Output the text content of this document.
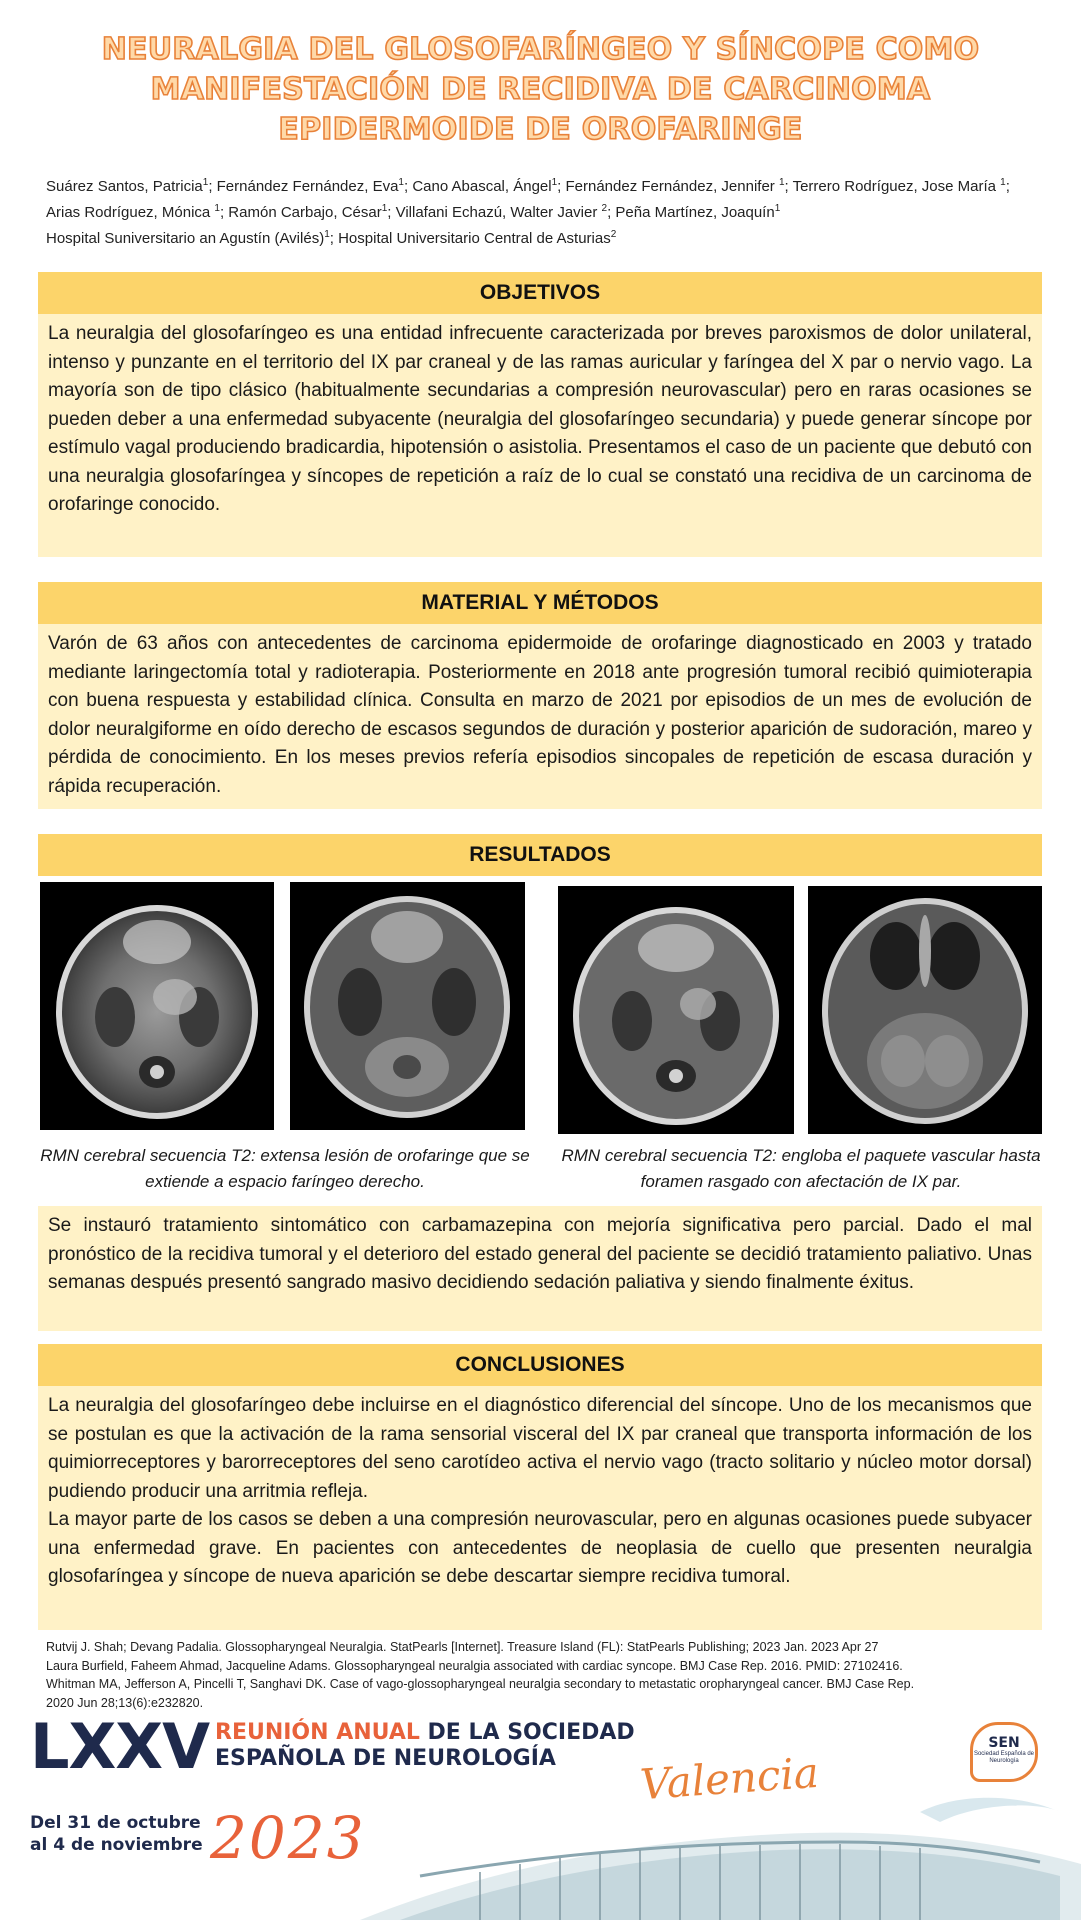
NEURALGIA DEL GLOSOFARÍNGEO Y SÍNCOPE COMO MANIFESTACIÓN DE RECIDIVA DE CARCINOMA EPIDERMOIDE DE OROFARINGE
Suárez Santos, Patricia$^1$; Fernández Fernández, Eva$^1$; Cano Abascal, Ángel$^1$; Fernández Fernández, Jennifer $^1$; Terrero Rodríguez, Jose María $^1$; Arias Rodríguez, Mónica $^1$; Ramón Carbajo, César$^1$; Villafani Echazú, Walter Javier $^2$; Peña Martínez, Joaquín$^1$
Hospital Suniversitario an Agustín (Avilés)$^1$; Hospital Universitario Central de Asturias$^2$
OBJETIVOS

La neuralgia del glosofaríngeo es una entidad infrecuente caracterizada por breves paroxismos de dolor unilateral, intenso y punzante en el territorio del IX par craneal y de las ramas auricular y faríngea del X par o nervio vago. La mayoría son de tipo clásico (habitualmente secundarias a compresión neurovascular) pero en raras ocasiones se pueden deber a una enfermedad subyacente (neuralgia del glosofaríngeo secundaria) y puede generar síncope por estímulo vagal produciendo bradicardia, hipotensión o asistolia. Presentamos el caso de un paciente que debutó con una neuralgia glosofaríngea y síncopes de repetición a raíz de lo cual se constató una recidiva de un carcinoma de orofaringe conocido.

MATERIAL Y MÉTODOS

Varón de 63 años con antecedentes de carcinoma epidermoide de orofaringe diagnosticado en 2003 y tratado mediante laringectomía total y radioterapia. Posteriormente en 2018 ante progresión tumoral recibió quimioterapia con buena respuesta y estabilidad clínica. Consulta en marzo de 2021 por episodios de un mes de evolución de dolor neuralgiforme en oído derecho de escasos segundos de duración y posterior aparición de sudoración, mareo y pérdida de conocimiento. En los meses previos refería episodios sincopales de repetición de escasa duración y rápida recuperación.

RESULTADOS
RMN cerebral secuencia T2: extensa lesión de orofaringe que se extiende a espacio faríngeo derecho.
RMN cerebral secuencia T2: engloba el paquete vascular hasta foramen rasgado con afectación de IX par.

Se instauró tratamiento sintomático con carbamazepina con mejoría significativa pero parcial. Dado el mal pronóstico de la recidiva tumoral y el deterioro del estado general del paciente se decidió tratamiento paliativo. Unas semanas después presentó sangrado masivo decidiendo sedación paliativa y siendo finalmente éxitus.

CONCLUSIONES

La neuralgia del glosofaríngeo debe incluirse en el diagnóstico diferencial del síncope. Uno de los mecanismos que se postulan es que la activación de la rama sensorial visceral del IX par craneal que transporta información de los quimiorreceptores y barorreceptores del seno carotídeo activa el nervio vago (tracto solitario y núcleo motor dorsal) pudiendo producir una arritmia refleja.

La mayor parte de los casos se deben a una compresión neurovascular, pero en algunas ocasiones puede subyacer una enfermedad grave. En pacientes con antecedentes de neoplasia de cuello que presenten neuralgia glosofaríngea y síncope de nueva aparición se debe descartar siempre recidiva tumoral.

Rutvij J. Shah; Devang Padalia. Glossopharyngeal Neuralgia. StatPearls [Internet]. Treasure Island (FL): StatPearls Publishing; 2023 Jan. 2023 Apr 27
Laura Burfield, Faheem Ahmad, Jacqueline Adams. Glossopharyngeal neuralgia associated with cardiac syncope. BMJ Case Rep. 2016. PMID: 27102416.
Whitman MA, Jefferson A, Pincelli T, Sanghavi DK. Case of vago-glossopharyngeal neuralgia secondary to metastatic oropharyngeal cancer. BMJ Case Rep.
2020 Jun 28;13(6):e232820.
LXXV REUNIÓN ANUAL DE LA SOCIEDAD
ESPAÑOLA DE NEUROLOGÍA	Valencia
Del 31 de octubre
al 4 de noviembre 2023
SEN
Sociedad Española de Neurología
